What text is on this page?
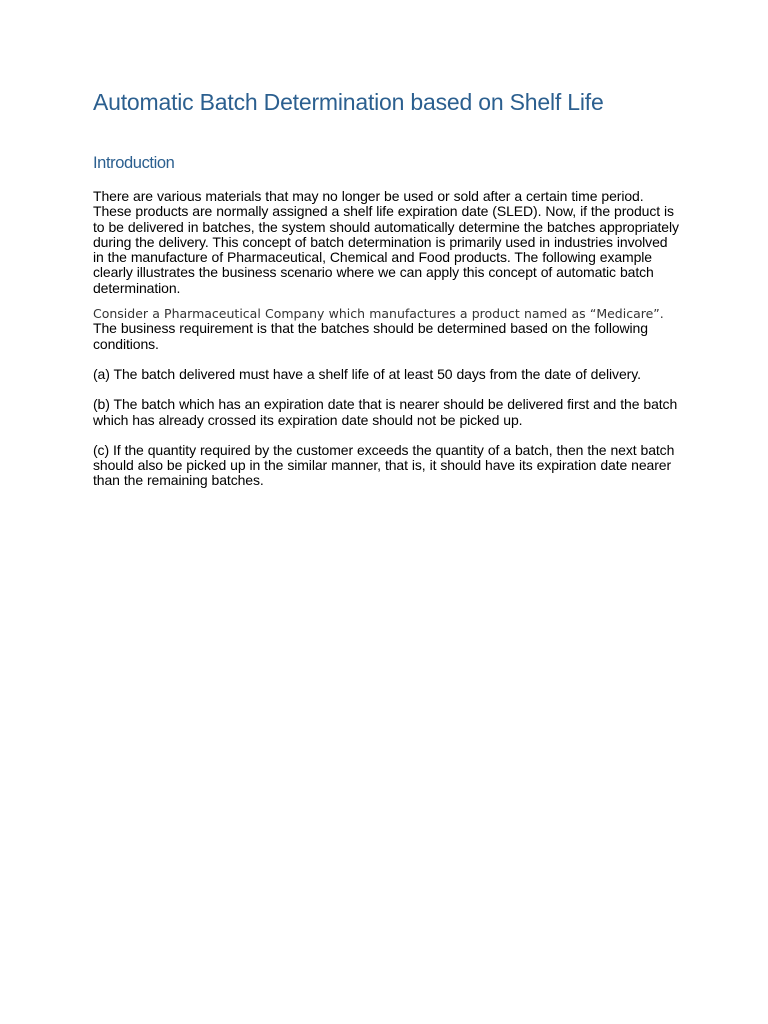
Automatic Batch Determination based on Shelf Life
Introduction

There are various materials that may no longer be used or sold after a certain time period. These products are normally assigned a shelf life expiration date (SLED). Now, if the product is to be delivered in batches, the system should automatically determine the batches appropriately during the delivery. This concept of batch determination is primarily used in industries involved in the manufacture of Pharmaceutical, Chemical and Food products. The following example clearly illustrates the business scenario where we can apply this concept of automatic batch determination.

Consider a Pharmaceutical Company which manufactures a product named as “Medicare”.
The business requirement is that the batches should be determined based on the following conditions.

(a) The batch delivered must have a shelf life of at least 50 days from the date of delivery.

(b) The batch which has an expiration date that is nearer should be delivered first and the batch which has already crossed its expiration date should not be picked up.

(c) If the quantity required by the customer exceeds the quantity of a batch, then the next batch should also be picked up in the similar manner, that is, it should have its expiration date nearer than the remaining batches.
